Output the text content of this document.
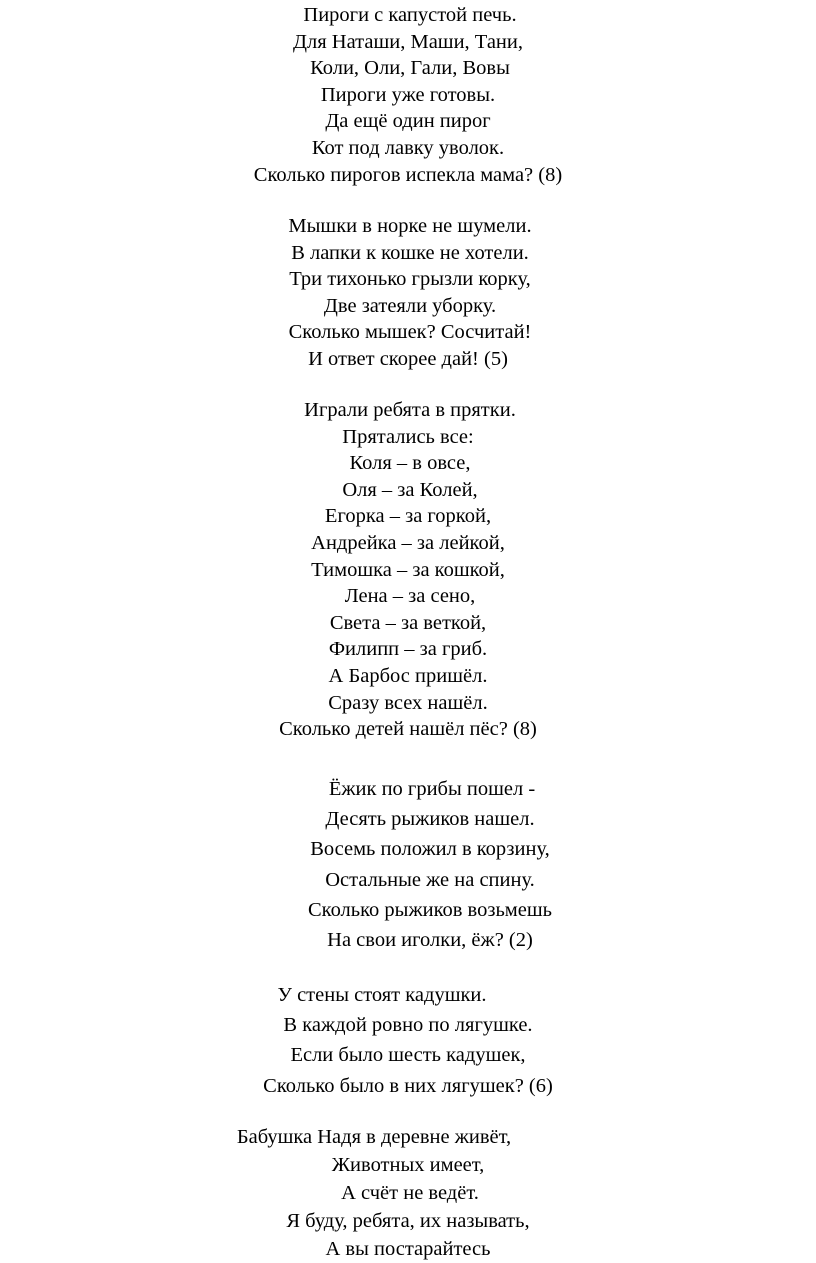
Пироги с капустой печь.
Для Наташи, Маши, Тани,
Коли, Оли, Гали, Вовы
Пироги уже готовы.
Да ещё один пирог
Кот под лавку уволок.
Сколько пирогов испекла мама? (8)
Мышки в норке не шумели.
В лапки к кошке не хотели.
Три тихонько грызли корку,
Две затеяли уборку.
Сколько мышек? Сосчитай!
И ответ скорее дай! (5)
Играли ребята в прятки.
Прятались все:
Коля – в овсе,
Оля – за Колей,
Егорка – за горкой,
Андрейка – за лейкой,
Тимошка – за кошкой,
Лена – за сено,
Света – за веткой,
Филипп – за гриб.
А Барбос пришёл.
Сразу всех нашёл.
Сколько детей нашёл пёс? (8)
Ёжик по грибы пошел -
Десять рыжиков нашел.
Восемь положил в корзину,
Остальные же на спину.
Сколько рыжиков возьмешь
На свои иголки, ёж? (2)
У стены стоят кадушки.
В каждой ровно по лягушке.
Если было шесть кадушек,
Сколько было в них лягушек? (6)
Бабушка Надя в деревне живёт,
Животных имеет,
А счёт не ведёт.
Я буду, ребята, их называть,
А вы постарайтесь
